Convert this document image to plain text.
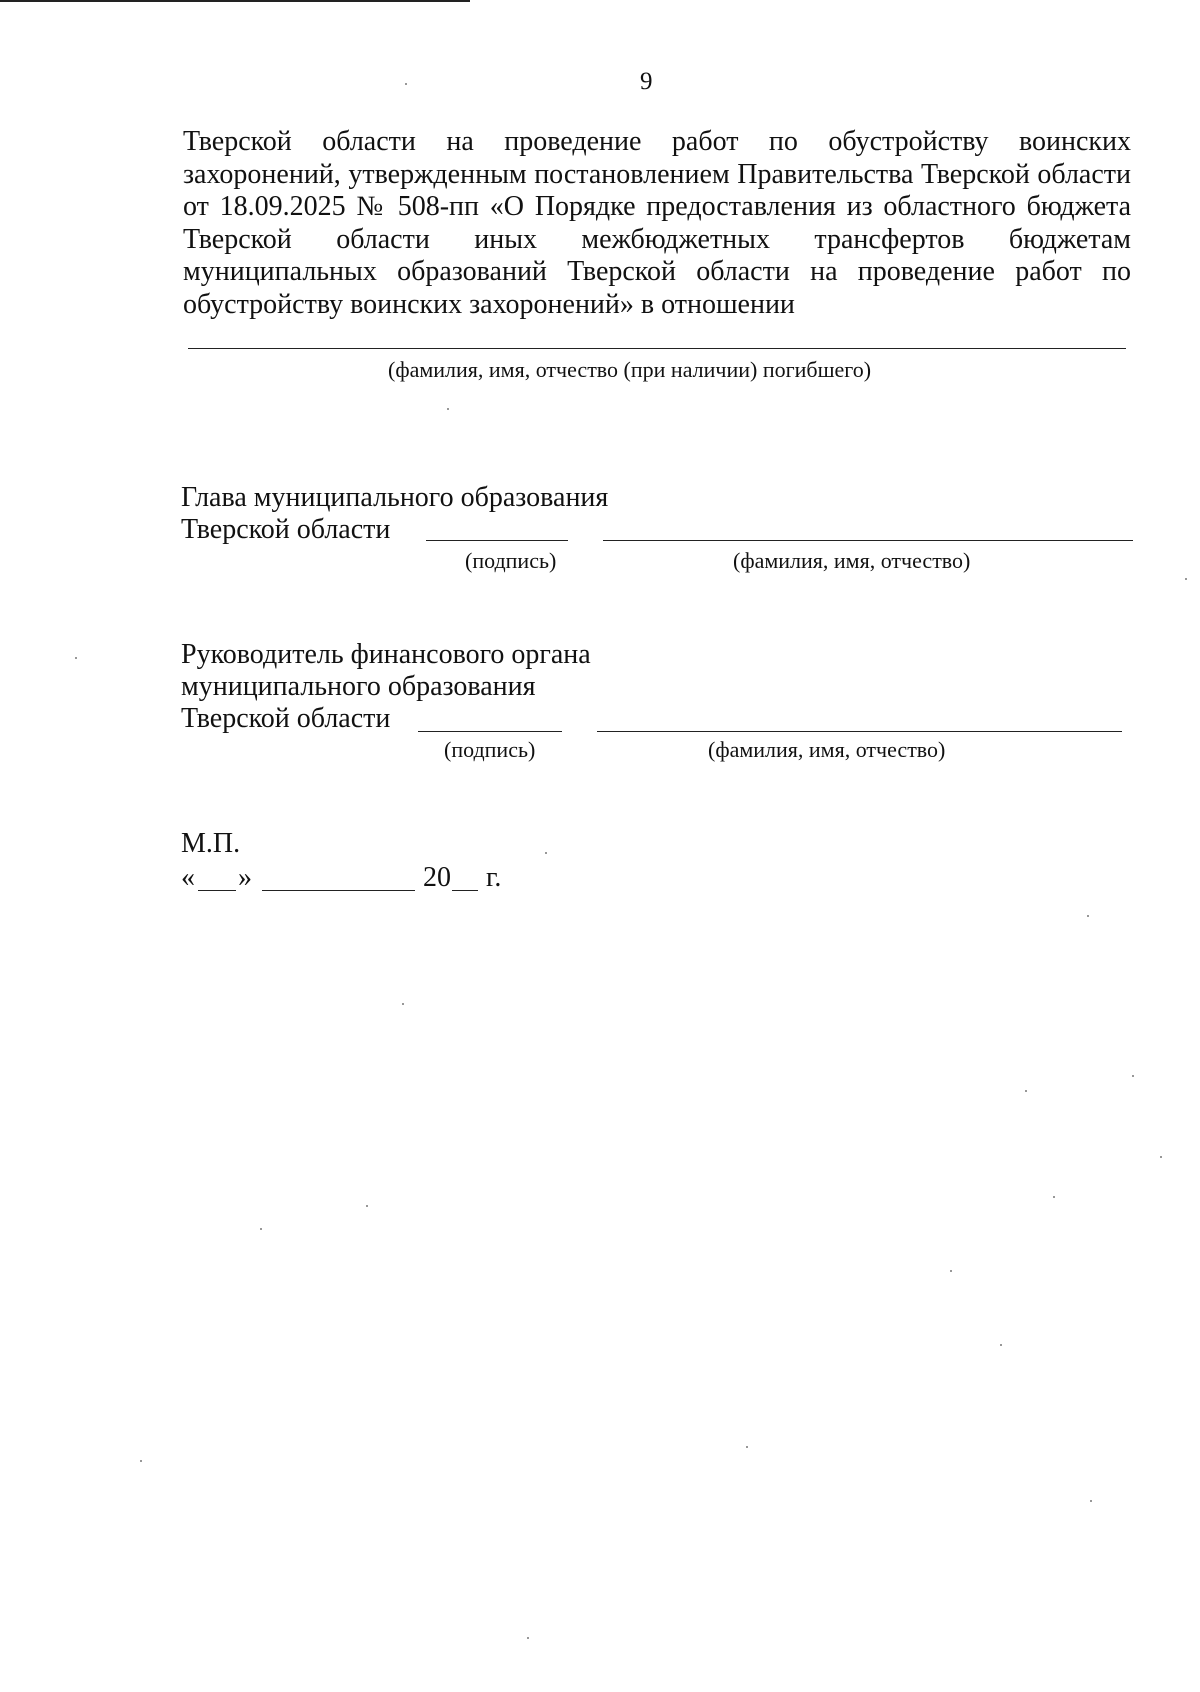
9
Тверской области на проведение работ по обустройству воинских захоронений, утвержденным постановлением Правительства Тверской области от 18.09.2025 № 508-пп «О Порядке предоставления из областного бюджета Тверской области иных межбюджетных трансфертов бюджетам муниципальных образований Тверской области на проведение работ по обустройству воинских захоронений» в отношении
(фамилия, имя, отчество (при наличии) погибшего)
Глава муниципального образования
Тверской области
(подпись)	(фамилия, имя, отчество)
Руководитель финансового органа
муниципального образования
Тверской области
(подпись)	(фамилия, имя, отчество)
М.П.
« »	20 г.
